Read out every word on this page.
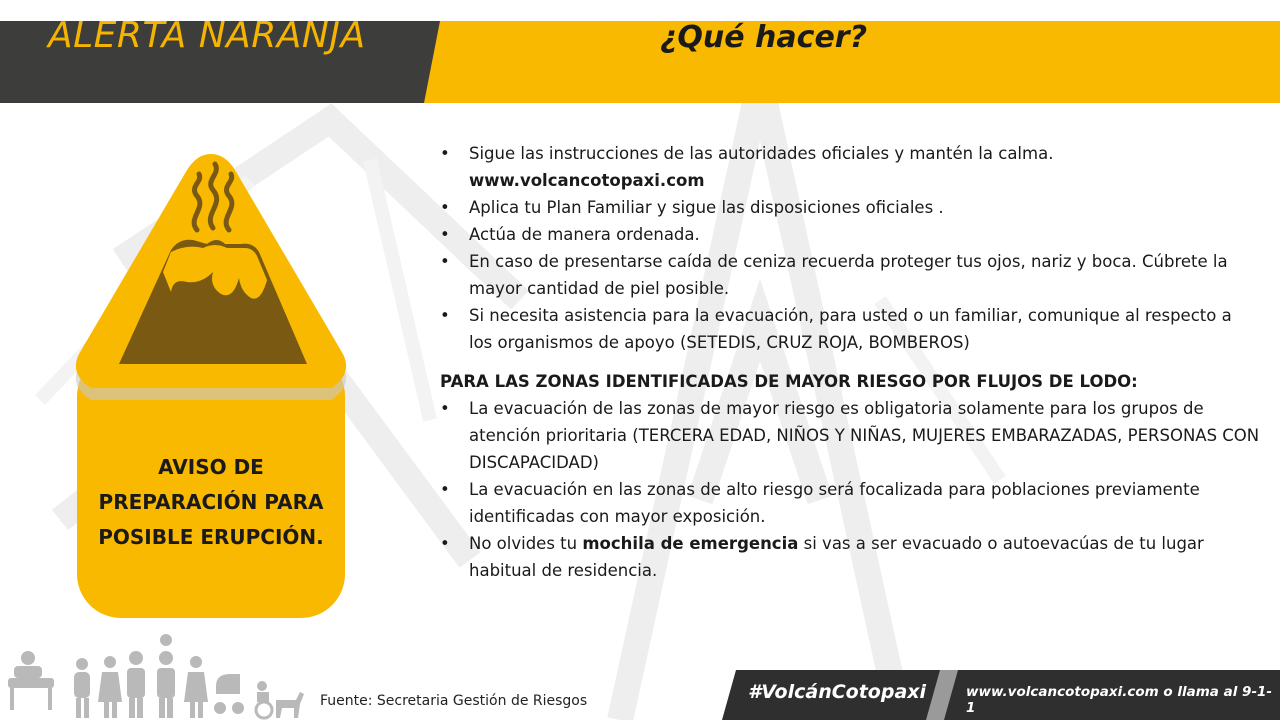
ALERTA NARANJA	¿Qué hacer?
AVISO DE
PREPARACIÓN PARA
POSIBLE ERUPCIÓN.
• Sigue las instrucciones de las autoridades oficiales y mantén la calma.
www.volcancotopaxi.com
• Aplica tu Plan Familiar y sigue las disposiciones oficiales .
• Actúa de manera ordenada.
• En caso de presentarse caída de ceniza recuerda proteger tus ojos, nariz y boca. Cúbrete la mayor cantidad de piel posible.
• Si necesita asistencia para la evacuación, para usted o un familiar, comunique al respecto a los organismos de apoyo (SETEDIS, CRUZ ROJA, BOMBEROS)
PARA LAS ZONAS IDENTIFICADAS DE MAYOR RIESGO POR FLUJOS DE LODO:
• La evacuación de las zonas de mayor riesgo es obligatoria solamente para los grupos de atención prioritaria (TERCERA EDAD, NIÑOS Y NIÑAS, MUJERES EMBARAZADAS, PERSONAS CON DISCAPACIDAD)
• La evacuación en las zonas de alto riesgo será focalizada para poblaciones previamente identificadas con mayor exposición.
• No olvides tu mochila de emergencia si vas a ser evacuado o autoevacúas de tu lugar habitual de residencia.
Fuente: Secretaria Gestión de Riesgos	#VolcánCotopaxi	www.volcancotopaxi.com o llama al 9-1-1
